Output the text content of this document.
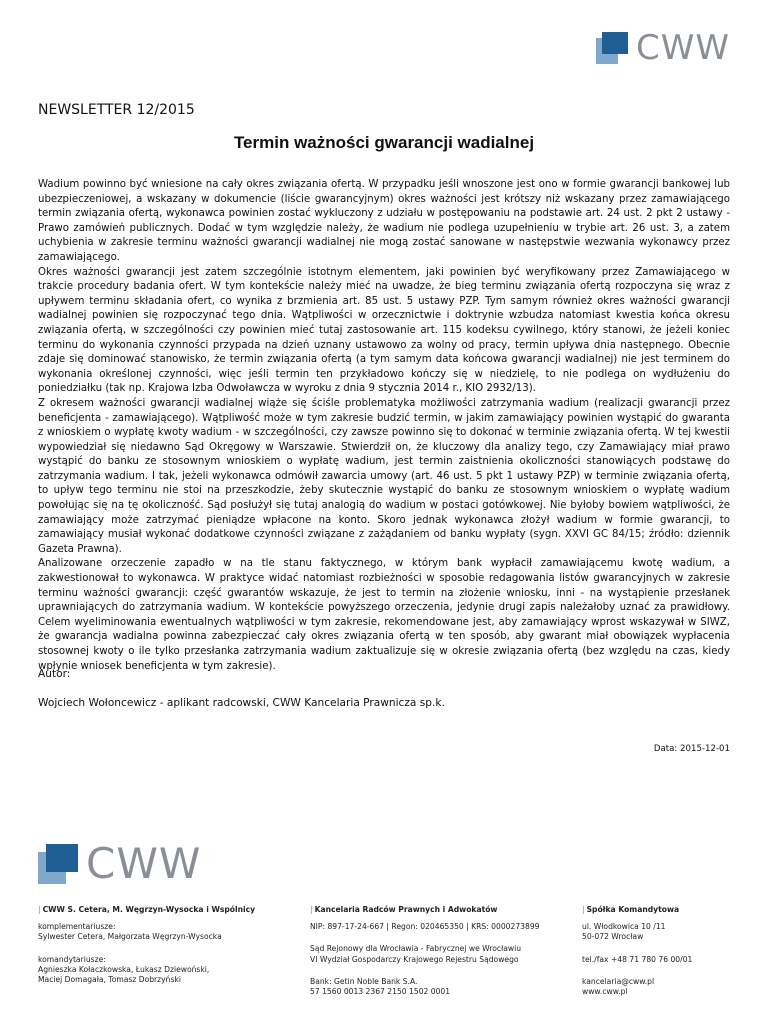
CWW
NEWSLETTER 12/2015
Termin ważności gwarancji wadialnej

Wadium powinno być wniesione na cały okres związania ofertą. W przypadku jeśli wnoszone jest ono w formie gwarancji bankowej lub ubezpieczeniowej, a wskazany w dokumencie (liście gwarancyjnym) okres ważności jest krótszy niż wskazany przez zamawiającego termin związania ofertą, wykonawca powinien zostać wykluczony z udziału w postępowaniu na podstawie art. 24 ust. 2 pkt 2 ustawy - Prawo zamówień publicznych. Dodać w tym względzie należy, że wadium nie podlega uzupełnieniu w trybie art. 26 ust. 3, a zatem uchybienia w zakresie terminu ważności gwarancji wadialnej nie mogą zostać sanowane w następstwie wezwania wykonawcy przez zamawiającego.

Okres ważności gwarancji jest zatem szczególnie istotnym elementem, jaki powinien być weryfikowany przez Zamawiającego w trakcie procedury badania ofert. W tym kontekście należy mieć na uwadze, że bieg terminu związania ofertą rozpoczyna się wraz z upływem terminu składania ofert, co wynika z brzmienia art. 85 ust. 5 ustawy PZP. Tym samym również okres ważności gwarancji wadialnej powinien się rozpoczynać tego dnia. Wątpliwości w orzecznictwie i doktrynie wzbudza natomiast kwestia końca okresu związania ofertą, w szczególności czy powinien mieć tutaj zastosowanie art. 115 kodeksu cywilnego, który stanowi, że jeżeli koniec terminu do wykonania czynności przypada na dzień uznany ustawowo za wolny od pracy, termin upływa dnia następnego. Obecnie zdaje się dominować stanowisko, że termin związania ofertą (a tym samym data końcowa gwarancji wadialnej) nie jest terminem do wykonania określonej czynności, więc jeśli termin ten przykładowo kończy się w niedzielę, to nie podlega on wydłużeniu do poniedziałku (tak np. Krajowa Izba Odwoławcza w wyroku z dnia 9 stycznia 2014 r., KIO 2932/13).

Z okresem ważności gwarancji wadialnej wiąże się ściśle problematyka możliwości zatrzymania wadium (realizacji gwarancji przez beneficjenta - zamawiającego). Wątpliwość może w tym zakresie budzić termin, w jakim zamawiający powinien wystąpić do gwaranta z wnioskiem o wypłatę kwoty wadium - w szczególności, czy zawsze powinno się to dokonać w terminie związania ofertą. W tej kwestii wypowiedział się niedawno Sąd Okręgowy w Warszawie. Stwierdził on, że kluczowy dla analizy tego, czy Zamawiający miał prawo wystąpić do banku ze stosownym wnioskiem o wypłatę wadium, jest termin zaistnienia okoliczności stanowiących podstawę do zatrzymania wadium. I tak, jeżeli wykonawca odmówił zawarcia umowy (art. 46 ust. 5 pkt 1 ustawy PZP) w terminie związania ofertą, to upływ tego terminu nie stoi na przeszkodzie, żeby skutecznie wystąpić do banku ze stosownym wnioskiem o wypłatę wadium powołując się na tę okoliczność. Sąd posłużył się tutaj analogią do wadium w postaci gotówkowej. Nie byłoby bowiem wątpliwości, że zamawiający może zatrzymać pieniądze wpłacone na konto. Skoro jednak wykonawca złożył wadium w formie gwarancji, to zamawiający musiał wykonać dodatkowe czynności związane z zażądaniem od banku wypłaty (sygn. XXVI GC 84/15; źródło: dziennik Gazeta Prawna).

Analizowane orzeczenie zapadło w na tle stanu faktycznego, w którym bank wypłacił zamawiającemu kwotę wadium, a zakwestionował to wykonawca. W praktyce widać natomiast rozbieżności w sposobie redagowania listów gwarancyjnych w zakresie terminu ważności gwarancji: część gwarantów wskazuje, że jest to termin na złożenie wniosku, inni - na wystąpienie przesłanek uprawniających do zatrzymania wadium. W kontekście powyższego orzeczenia, jedynie drugi zapis należałoby uznać za prawidłowy. Celem wyeliminowania ewentualnych wątpliwości w tym zakresie, rekomendowane jest, aby zamawiający wprost wskazywał w SIWZ, że gwarancja wadialna powinna zabezpieczać cały okres związania ofertą w ten sposób, aby gwarant miał obowiązek wypłacenia stosownej kwoty o ile tylko przesłanka zatrzymania wadium zaktualizuje się w okresie związania ofertą (bez względu na czas, kiedy wpłynie wniosek beneficjenta w tym zakresie).

Autor:
Wojciech Wołoncewicz - aplikant radcowski, CWW Kancelaria Prawnicza sp.k.
Data: 2015-12-01
CWW
| CWW S. Cetera, M. Węgrzyn-Wysocka i Wspólnicy
komplementariusze:
Sylwester Cetera, Małgorzata Węgrzyn-Wysocka
komandytariusze:
Agnieszka Kołaczkowska, Łukasz Dziewoński,
Maciej Domagała, Tomasz Dobrzyński
| Kancelaria Radców Prawnych i Adwokatów
NIP: 897-17-24-667 | Regon: 020465350 | KRS: 0000273899
Sąd Rejonowy dla Wrocławia - Fabrycznej we Wrocławiu
VI Wydział Gospodarczy Krajowego Rejestru Sądowego
Bank: Getin Noble Bank S.A.
57 1560 0013 2367 2150 1502 0001
| Spółka Komandytowa
ul. Włodkowica 10 /11
50-072 Wrocław
tel./fax +48 71 780 76 00/01
kancelaria@cww.pl
www.cww.pl
